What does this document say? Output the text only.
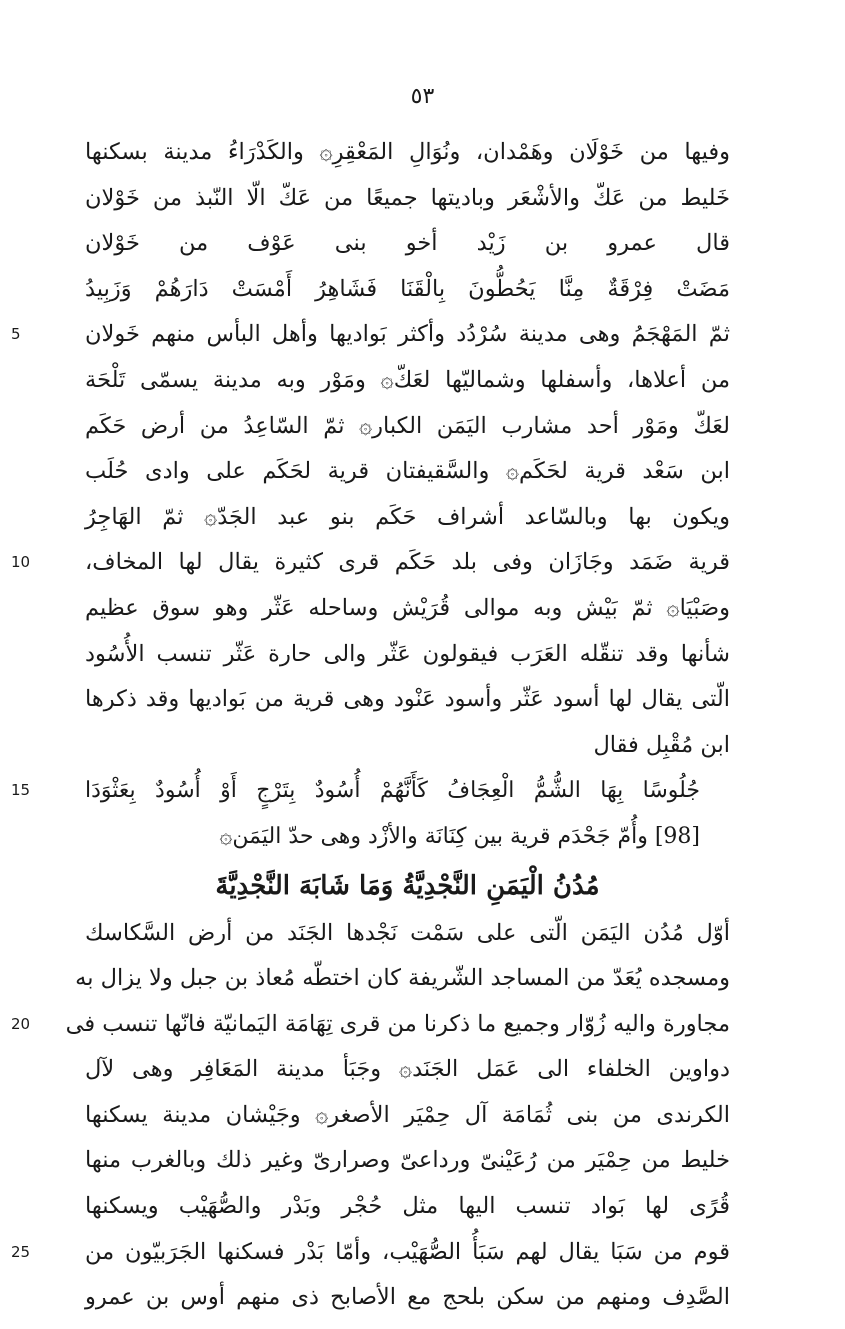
٥٣
وفيها من خَوْلَان وهَمْدان، ونُوَالِ المَعْقِرِ۞ والكَدْرَاءُ مدينة بسكنها
خَليط من عَكّ والأشْعَر وباديتها جميعًا من عَكّ الّا النّبذ من خَوْلان
قال عمرو بن زَيْد أخو بنى عَوْف من خَوْلان
مَضَتْ فِرْقَةٌ مِنَّا يَحُطُّونَ بِالْقَنَا فَشَاهِرُ أَمْسَتْ دَارَهُمْ وَزَبِيدُ
ثمّ المَهْجَمُ وهى مدينة سُرْدُد وأكثر بَواديها وأهل البأس منهم خَولان
5
من أعلاها، وأسفلها وشماليّها لعَكّ۞ ومَوْر وبه مدينة يسمّى تَلْحَة
لعَكّ ومَوْر أحد مشارب اليَمَن الكبار۞ ثمّ السّاعِدُ من أرض حَكَم
ابن سَعْد قرية لحَكَم۞ والسَّقيفتان قرية لحَكَم على وادى حُلَب
ويكون بها وبالسّاعد أشراف حَكَم بنو عبد الجَدّ۞ ثمّ الهَاجِرُ
قرية ضَمَد وجَازَان وفى بلد حَكَم قرى كثيرة يقال لها المخاف،
10
وصَبْيَا۞ ثمّ بَيْش وبه موالى قُرَيْش وساحله عَثّر وهو سوق عظيم
شأنها وقد تنقّله العَرَب فيقولون عَثّر والى حارة عَثّر تنسب الأُسُود
الّتى يقال لها أسود عَثّر وأسود عَنْود وهى قرية من بَواديها وقد ذكرها
ابن مُقْبِل فقال
جُلُوسًا بِهَا الشُّمُّ الْعِجَافُ كَأَنَّهُمْ أُسُودٌ بِتَرْجٍ أَوْ أُسُودٌ بِعَثْوَدَا
15
[98] وأُمّ جَحْدَم قرية بين كِنَانَة والأزْد وهى حدّ اليَمَن۞
مُدُنُ الْيَمَنِ النَّجْدِيَّةُ وَمَا شَابَهَ النَّجْدِيَّةَ
أوّل مُدُن اليَمَن الّتى على سَمْت نَجْدها الجَنَد من أرض السَّكاسك
ومسجده يُعَدّ من المساجد الشّريفة كان اختطّه مُعاذ بن جبل ولا يزال به
مجاورة واليه زُوّار وجميع ما ذكرنا من قرى تِهَامَة اليَمانيّة فانّها تنسب فى
20
دواوين الخلفاء الى عَمَل الجَنَد۞ وجَبَأ مدينة المَعَافِر وهى لآل
الكرندى من بنى ثُمَامَة آل حِمْيَر الأصغر۞ وجَيْشان مدينة يسكنها
خليط من حِمْيَر من رُعَيْنىّ ورداعىّ وصرارىّ وغير ذلك وبالغرب منها
قُرًى لها بَواد تنسب اليها مثل حُجْر وبَدْر والصُّهَيْب ويسكنها
قوم من سَبَا يقال لهم سَبَأُ الصُّهَيْب، وأمّا بَدْر فسكنها الجَرَبيّون من
25
الصَّدِف ومنهم من سكن بلحج مع الأصابح ذى منهم أوس بن عمرو
